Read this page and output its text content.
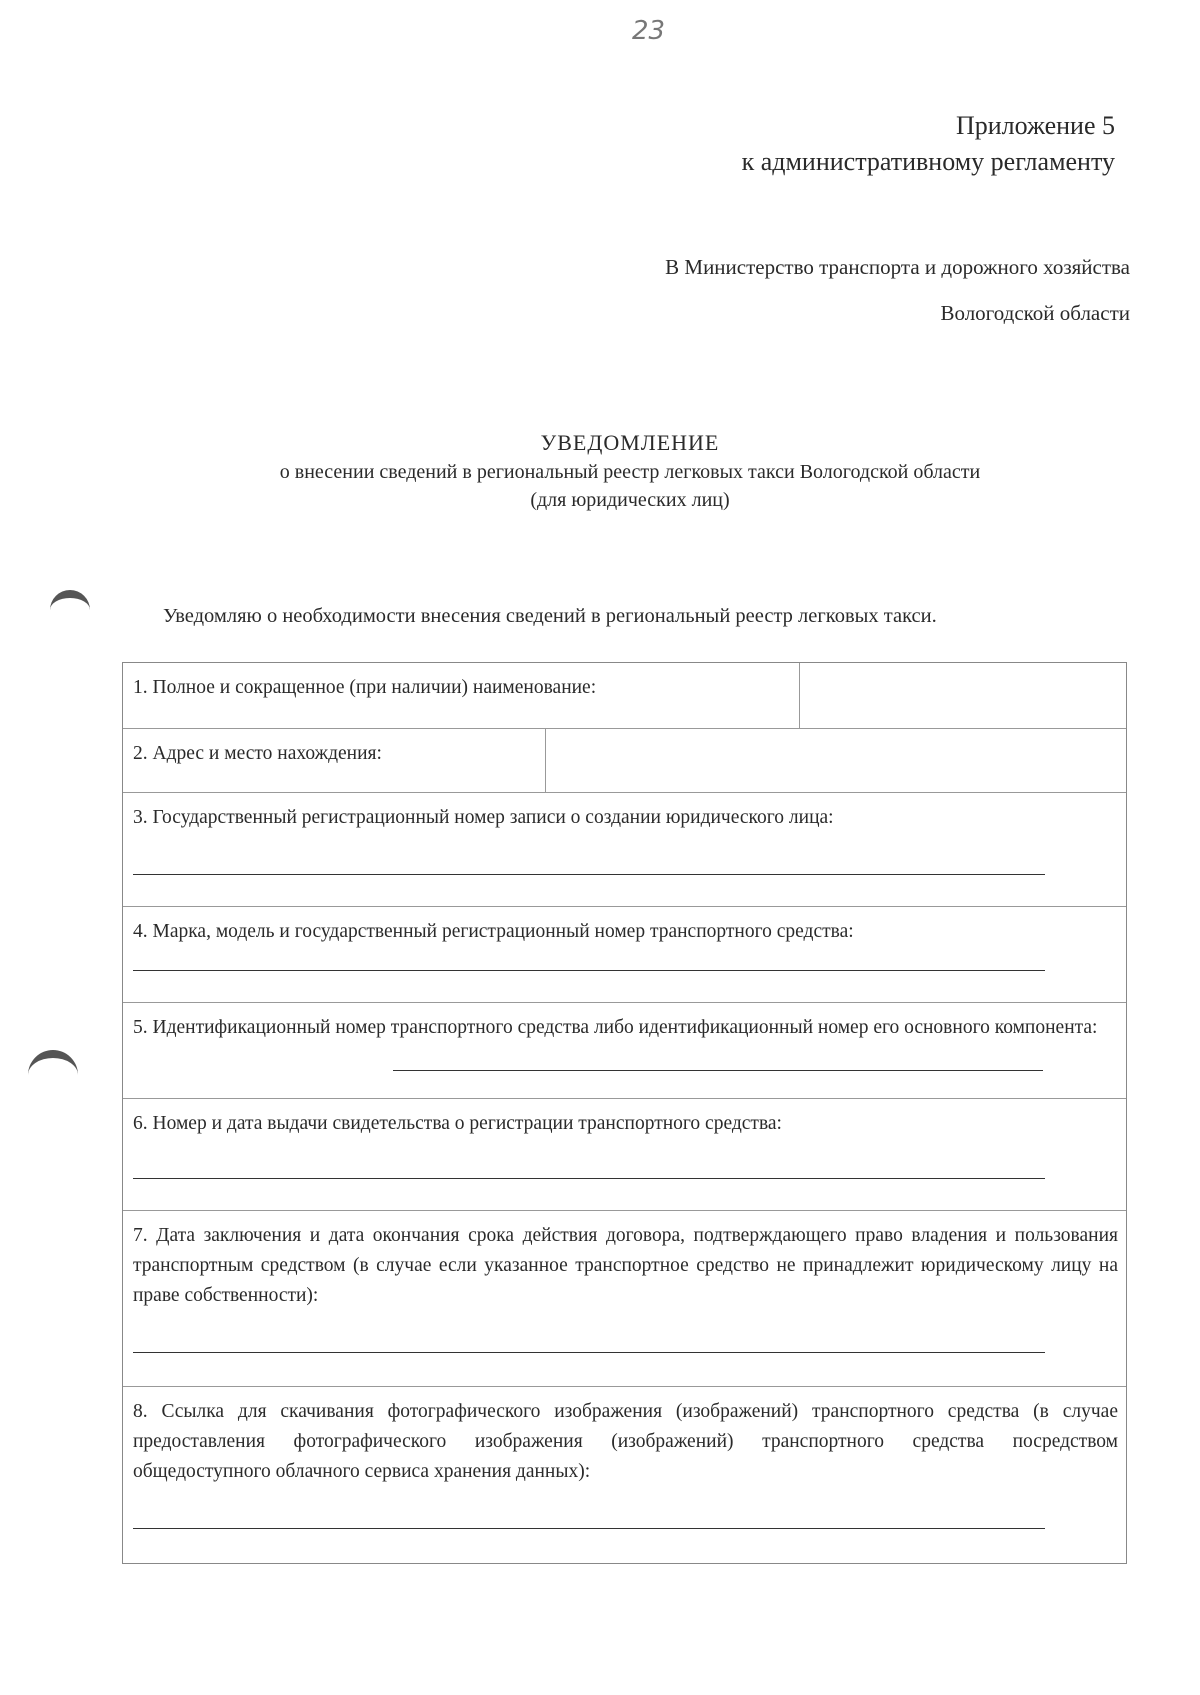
23
Приложение 5
к административному регламенту
В Министерство транспорта и дорожного хозяйства
Вологодской области
УВЕДОМЛЕНИЕ
о внесении сведений в региональный реестр легковых такси Вологодской области
(для юридических лиц)
Уведомляю о необходимости внесения сведений в региональный реестр легковых такси.
1. Полное и сокращенное (при наличии) наименование:
2. Адрес и место нахождения:
3. Государственный регистрационный номер записи о создании юридического лица:
4. Марка, модель и государственный регистрационный номер транспортного средства:
5. Идентификационный номер транспортного средства либо идентификационный номер его основного компонента:
6. Номер и дата выдачи свидетельства о регистрации транспортного средства:
7. Дата заключения и дата окончания срока действия договора, подтверждающего право владения и пользования транспортным средством (в случае если указанное транспортное средство не принадлежит юридическому лицу на праве собственности):
8. Ссылка для скачивания фотографического изображения (изображений) транспортного средства (в случае предоставления фотографического изображения (изображений) транспортного средства посредством общедоступного облачного сервиса хранения данных):
